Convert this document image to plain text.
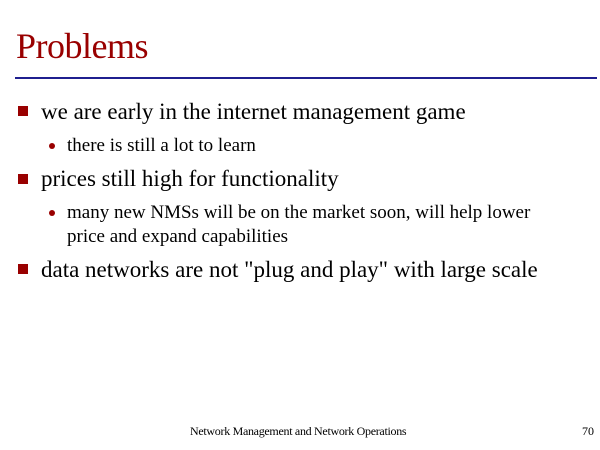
Problems
we are early in the internet management game
there is still a lot to learn
prices still high for functionality
many new NMSs will be on the market soon, will help lower price and expand capabilities
data networks are not "plug and play" with large scale
Network Management and Network Operations	70
